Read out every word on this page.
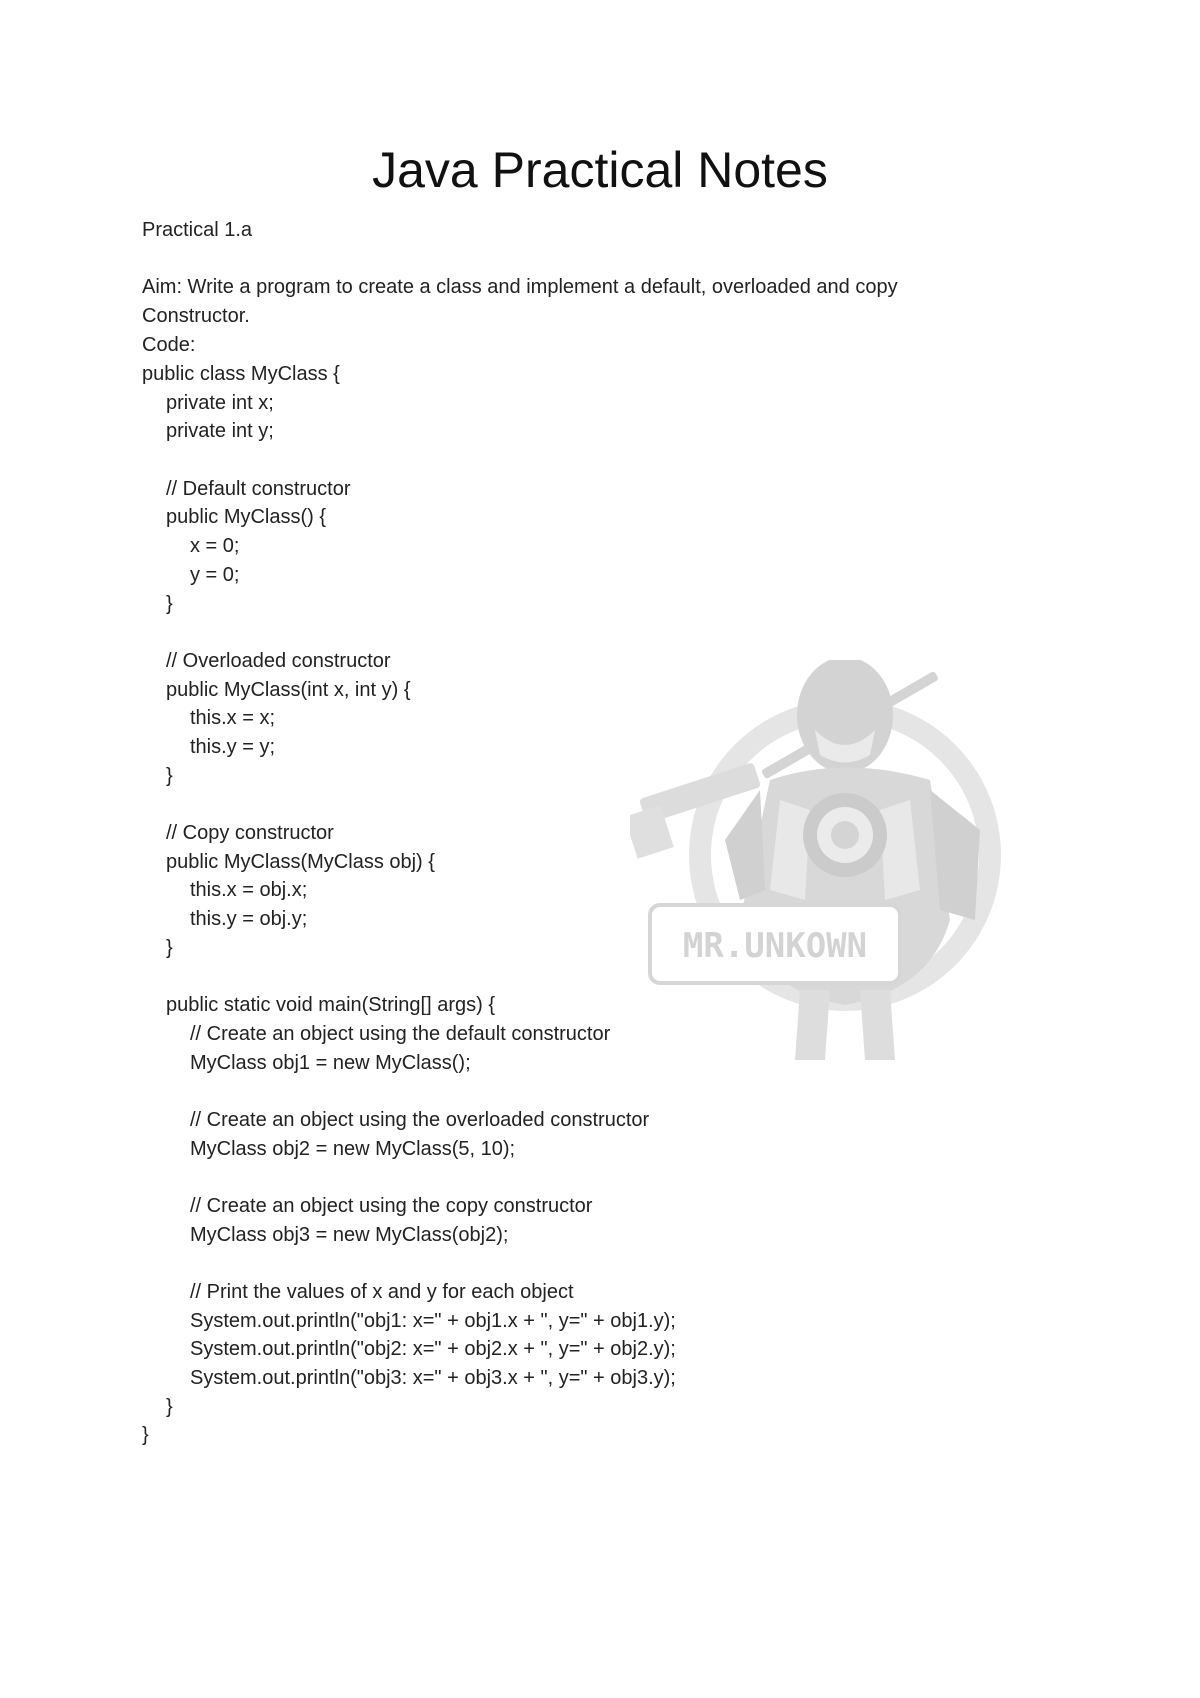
MR.UNKOWN
Java Practical Notes
Practical 1.a
Aim: Write a program to create a class and implement a default, overloaded and copy
Constructor.
Code:
public class MyClass {
private int x;
private int y;
// Default constructor
public MyClass() {
x = 0;
y = 0;
}
// Overloaded constructor
public MyClass(int x, int y) {
this.x = x;
this.y = y;
}
// Copy constructor
public MyClass(MyClass obj) {
this.x = obj.x;
this.y = obj.y;
}
public static void main(String[] args) {
// Create an object using the default constructor
MyClass obj1 = new MyClass();
// Create an object using the overloaded constructor
MyClass obj2 = new MyClass(5, 10);
// Create an object using the copy constructor
MyClass obj3 = new MyClass(obj2);
// Print the values of x and y for each object
System.out.println("obj1: x=" + obj1.x + ", y=" + obj1.y);
System.out.println("obj2: x=" + obj2.x + ", y=" + obj2.y);
System.out.println("obj3: x=" + obj3.x + ", y=" + obj3.y);
}
}
